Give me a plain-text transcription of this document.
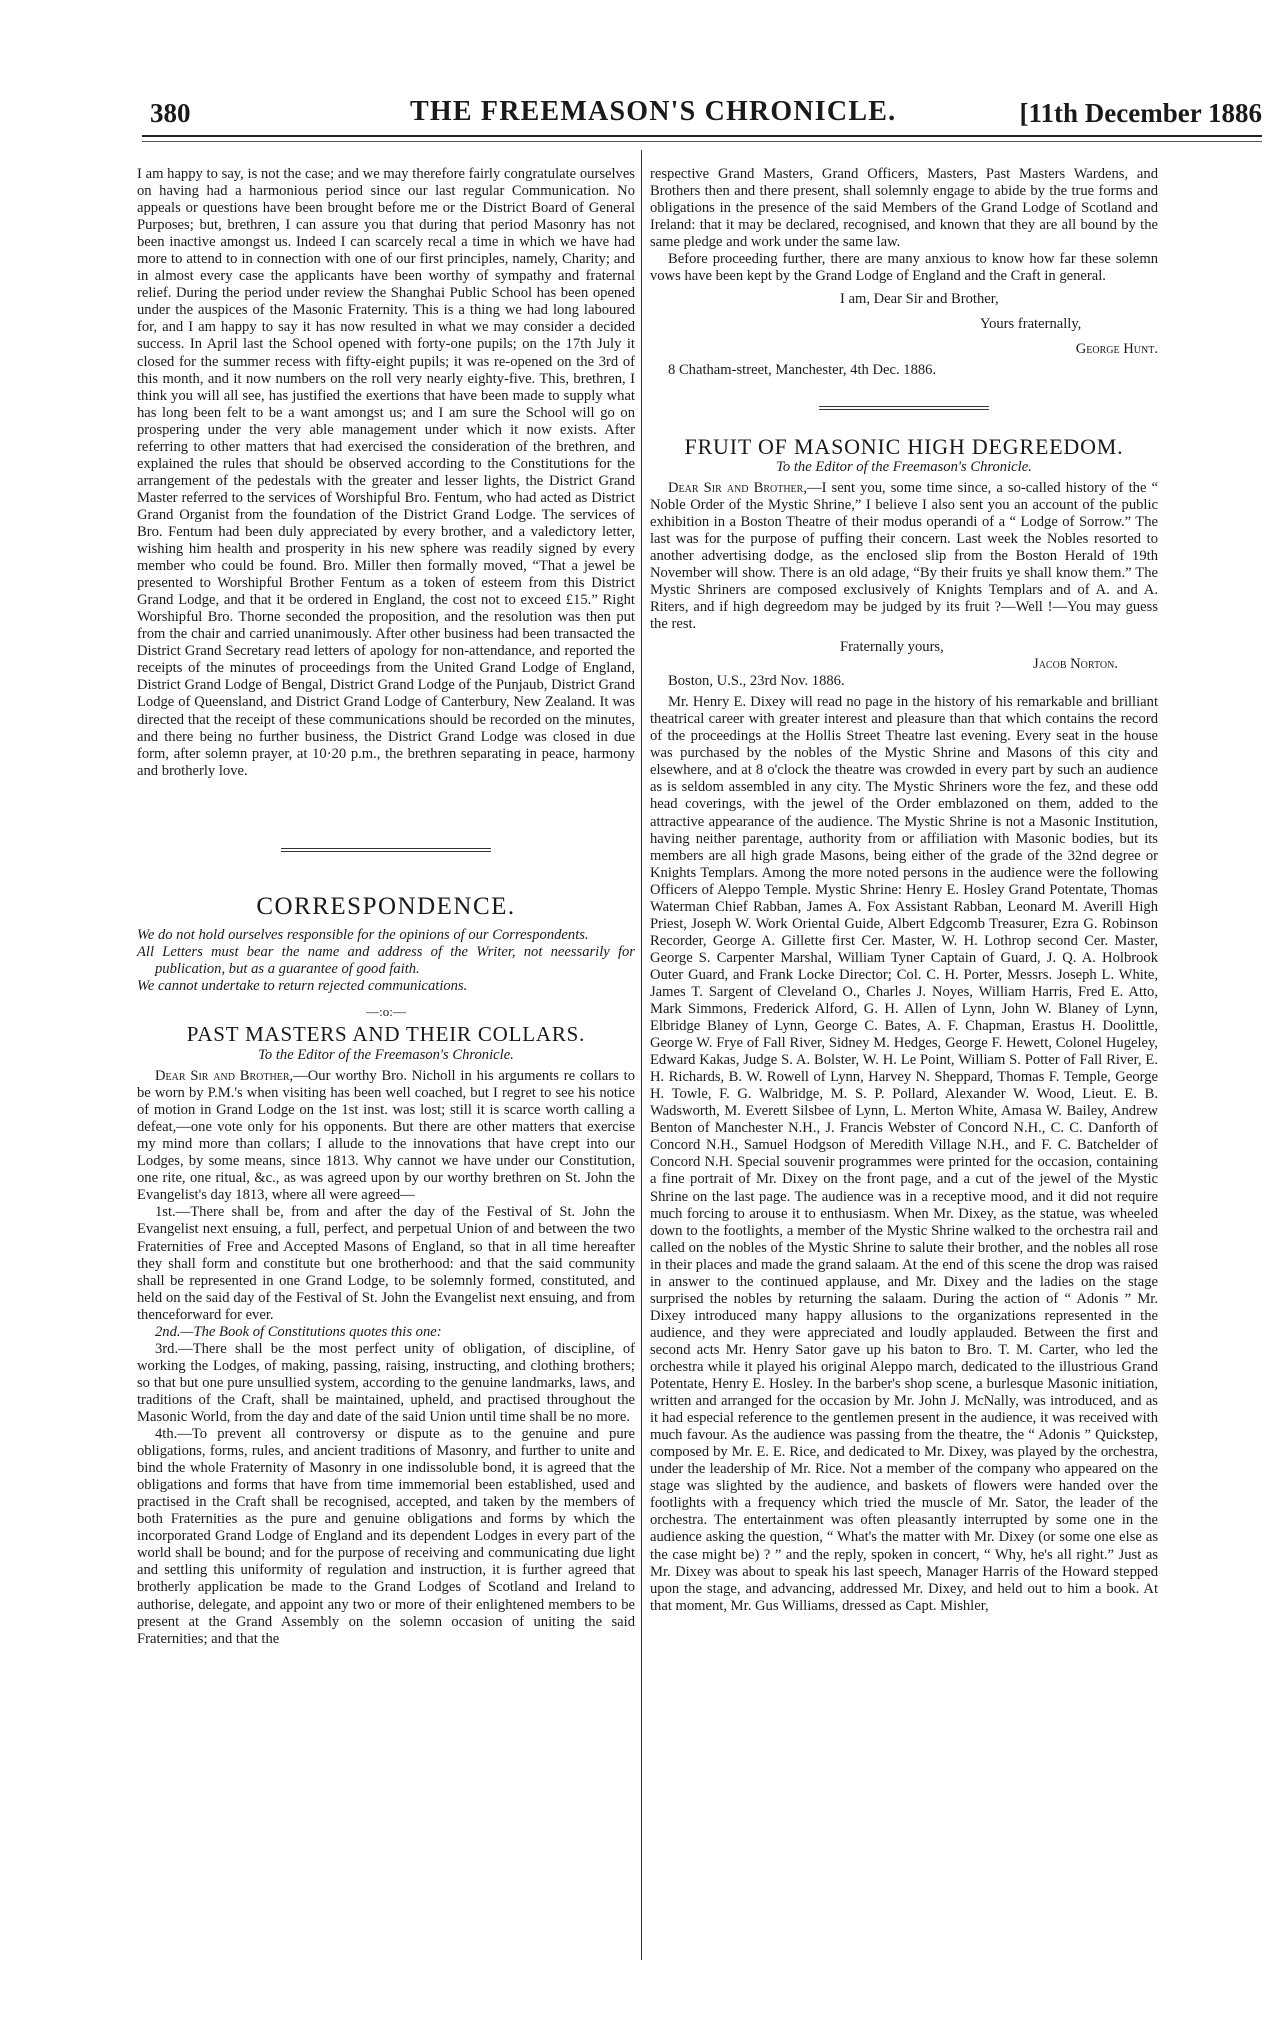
380	THE FREEMASON'S CHRONICLE.	[11th December 1886

I am happy to say, is not the case; and we may therefore fairly congratulate ourselves on having had a harmonious period since our last regular Communication. No appeals or questions have been brought before me or the District Board of General Purposes; but, brethren, I can assure you that during that period Masonry has not been inactive amongst us. Indeed I can scarcely recal a time in which we have had more to attend to in connection with one of our first principles, namely, Charity; and in almost every case the applicants have been worthy of sympathy and fraternal relief. During the period under review the Shanghai Public School has been opened under the auspices of the Masonic Fraternity. This is a thing we had long laboured for, and I am happy to say it has now resulted in what we may consider a decided success. In April last the School opened with forty-one pupils; on the 17th July it closed for the summer recess with fifty-eight pupils; it was re-opened on the 3rd of this month, and it now numbers on the roll very nearly eighty-five. This, brethren, I think you will all see, has justified the exertions that have been made to supply what has long been felt to be a want amongst us; and I am sure the School will go on prospering under the very able management under which it now exists. After referring to other matters that had exercised the consideration of the brethren, and explained the rules that should be observed according to the Constitutions for the arrangement of the pedestals with the greater and lesser lights, the District Grand Master referred to the services of Worshipful Bro. Fentum, who had acted as District Grand Organist from the foundation of the District Grand Lodge. The services of Bro. Fentum had been duly appreciated by every brother, and a valedictory letter, wishing him health and prosperity in his new sphere was readily signed by every member who could be found. Bro. Miller then formally moved, “That a jewel be presented to Worshipful Brother Fentum as a token of esteem from this District Grand Lodge, and that it be ordered in England, the cost not to exceed £15.” Right Worshipful Bro. Thorne seconded the proposition, and the resolution was then put from the chair and carried unanimously. After other business had been transacted the District Grand Secretary read letters of apology for non-attendance, and reported the receipts of the minutes of proceedings from the United Grand Lodge of England, District Grand Lodge of Bengal, District Grand Lodge of the Punjaub, District Grand Lodge of Queensland, and District Grand Lodge of Canterbury, New Zealand. It was directed that the receipt of these communications should be recorded on the minutes, and there being no further business, the District Grand Lodge was closed in due form, after solemn prayer, at 10·20 p.m., the brethren separating in peace, harmony and brotherly love.

CORRESPONDENCE.
We do not hold ourselves responsible for the opinions of our Correspondents.
All Letters must bear the name and address of the Writer, not neessarily for publication, but as a guarantee of good faith.
We cannot undertake to return rejected communications.
—:o:—
PAST MASTERS AND THEIR COLLARS.
To the Editor of the Freemason's Chronicle.

Dear Sir and Brother,—Our worthy Bro. Nicholl in his arguments re collars to be worn by P.M.'s when visiting has been well coached, but I regret to see his notice of motion in Grand Lodge on the 1st inst. was lost; still it is scarce worth calling a defeat,—one vote only for his opponents. But there are other matters that exercise my mind more than collars; I allude to the innovations that have crept into our Lodges, by some means, since 1813. Why cannot we have under our Constitution, one rite, one ritual, &c., as was agreed upon by our worthy brethren on St. John the Evangelist's day 1813, where all were agreed—

1st.—There shall be, from and after the day of the Festival of St. John the Evangelist next ensuing, a full, perfect, and perpetual Union of and between the two Fraternities of Free and Accepted Masons of England, so that in all time hereafter they shall form and constitute but one brotherhood: and that the said community shall be represented in one Grand Lodge, to be solemnly formed, constituted, and held on the said day of the Festival of St. John the Evangelist next ensuing, and from thenceforward for ever.

2nd.—The Book of Constitutions quotes this one:

3rd.—There shall be the most perfect unity of obligation, of discipline, of working the Lodges, of making, passing, raising, instructing, and clothing brothers; so that but one pure unsullied system, according to the genuine landmarks, laws, and traditions of the Craft, shall be maintained, upheld, and practised throughout the Masonic World, from the day and date of the said Union until time shall be no more.

4th.—To prevent all controversy or dispute as to the genuine and pure obligations, forms, rules, and ancient traditions of Masonry, and further to unite and bind the whole Fraternity of Masonry in one indissoluble bond, it is agreed that the obligations and forms that have from time immemorial been established, used and practised in the Craft shall be recognised, accepted, and taken by the members of both Fraternities as the pure and genuine obligations and forms by which the incorporated Grand Lodge of England and its dependent Lodges in every part of the world shall be bound; and for the purpose of receiving and communicating due light and settling this uniformity of regulation and instruction, it is further agreed that brotherly application be made to the Grand Lodges of Scotland and Ireland to authorise, delegate, and appoint any two or more of their enlightened members to be present at the Grand Assembly on the solemn occasion of uniting the said Fraternities; and that the

respective Grand Masters, Grand Officers, Masters, Past Masters Wardens, and Brothers then and there present, shall solemnly engage to abide by the true forms and obligations in the presence of the said Members of the Grand Lodge of Scotland and Ireland: that it may be declared, recognised, and known that they are all bound by the same pledge and work under the same law.

Before proceeding further, there are many anxious to know how far these solemn vows have been kept by the Grand Lodge of England and the Craft in general.

I am, Dear Sir and Brother,

Yours fraternally,

George Hunt.

8 Chatham-street, Manchester, 4th Dec. 1886.

FRUIT OF MASONIC HIGH DEGREEDOM.
To the Editor of the Freemason's Chronicle.

Dear Sir and Brother,—I sent you, some time since, a so-called history of the “ Noble Order of the Mystic Shrine,” I believe I also sent you an account of the public exhibition in a Boston Theatre of their modus operandi of a “ Lodge of Sorrow.” The last was for the purpose of puffing their concern. Last week the Nobles resorted to another advertising dodge, as the enclosed slip from the Boston Herald of 19th November will show. There is an old adage, “By their fruits ye shall know them.” The Mystic Shriners are composed exclusively of Knights Templars and of A. and A. Riters, and if high degreedom may be judged by its fruit ?—Well !—You may guess the rest.

Fraternally yours,

Jacob Norton.

Boston, U.S., 23rd Nov. 1886.

Mr. Henry E. Dixey will read no page in the history of his remarkable and brilliant theatrical career with greater interest and pleasure than that which contains the record of the proceedings at the Hollis Street Theatre last evening. Every seat in the house was purchased by the nobles of the Mystic Shrine and Masons of this city and elsewhere, and at 8 o'clock the theatre was crowded in every part by such an audience as is seldom assembled in any city. The Mystic Shriners wore the fez, and these odd head coverings, with the jewel of the Order emblazoned on them, added to the attractive appearance of the audience. The Mystic Shrine is not a Masonic Institution, having neither parentage, authority from or affiliation with Masonic bodies, but its members are all high grade Masons, being either of the grade of the 32nd degree or Knights Templars. Among the more noted persons in the audience were the following Officers of Aleppo Temple. Mystic Shrine: Henry E. Hosley Grand Potentate, Thomas Waterman Chief Rabban, James A. Fox Assistant Rabban, Leonard M. Averill High Priest, Joseph W. Work Oriental Guide, Albert Edgcomb Treasurer, Ezra G. Robinson Recorder, George A. Gillette first Cer. Master, W. H. Lothrop second Cer. Master, George S. Carpenter Marshal, William Tyner Captain of Guard, J. Q. A. Holbrook Outer Guard, and Frank Locke Director; Col. C. H. Porter, Messrs. Joseph L. White, James T. Sargent of Cleveland O., Charles J. Noyes, William Harris, Fred E. Atto, Mark Simmons, Frederick Alford, G. H. Allen of Lynn, John W. Blaney of Lynn, Elbridge Blaney of Lynn, George C. Bates, A. F. Chapman, Erastus H. Doolittle, George W. Frye of Fall River, Sidney M. Hedges, George F. Hewett, Colonel Hugeley, Edward Kakas, Judge S. A. Bolster, W. H. Le Point, William S. Potter of Fall River, E. H. Richards, B. W. Rowell of Lynn, Harvey N. Sheppard, Thomas F. Temple, George H. Towle, F. G. Walbridge, M. S. P. Pollard, Alexander W. Wood, Lieut. E. B. Wadsworth, M. Everett Silsbee of Lynn, L. Merton White, Amasa W. Bailey, Andrew Benton of Manchester N.H., J. Francis Webster of Concord N.H., C. C. Danforth of Concord N.H., Samuel Hodgson of Meredith Village N.H., and F. C. Batchelder of Concord N.H. Special souvenir programmes were printed for the occasion, containing a fine portrait of Mr. Dixey on the front page, and a cut of the jewel of the Mystic Shrine on the last page. The audience was in a receptive mood, and it did not require much forcing to arouse it to enthusiasm. When Mr. Dixey, as the statue, was wheeled down to the footlights, a member of the Mystic Shrine walked to the orchestra rail and called on the nobles of the Mystic Shrine to salute their brother, and the nobles all rose in their places and made the grand salaam. At the end of this scene the drop was raised in answer to the continued applause, and Mr. Dixey and the ladies on the stage surprised the nobles by returning the salaam. During the action of “ Adonis ” Mr. Dixey introduced many happy allusions to the organizations represented in the audience, and they were appreciated and loudly applauded. Between the first and second acts Mr. Henry Sator gave up his baton to Bro. T. M. Carter, who led the orchestra while it played his original Aleppo march, dedicated to the illustrious Grand Potentate, Henry E. Hosley. In the barber's shop scene, a burlesque Masonic initiation, written and arranged for the occasion by Mr. John J. McNally, was introduced, and as it had especial reference to the gentlemen present in the audience, it was received with much favour. As the audience was passing from the theatre, the “ Adonis ” Quickstep, composed by Mr. E. E. Rice, and dedicated to Mr. Dixey, was played by the orchestra, under the leadership of Mr. Rice. Not a member of the company who appeared on the stage was slighted by the audience, and baskets of flowers were handed over the footlights with a frequency which tried the muscle of Mr. Sator, the leader of the orchestra. The entertainment was often pleasantly interrupted by some one in the audience asking the question, “ What's the matter with Mr. Dixey (or some one else as the case might be) ? ” and the reply, spoken in concert, “ Why, he's all right.” Just as Mr. Dixey was about to speak his last speech, Manager Harris of the Howard stepped upon the stage, and advancing, addressed Mr. Dixey, and held out to him a book. At that moment, Mr. Gus Williams, dressed as Capt. Mishler,
